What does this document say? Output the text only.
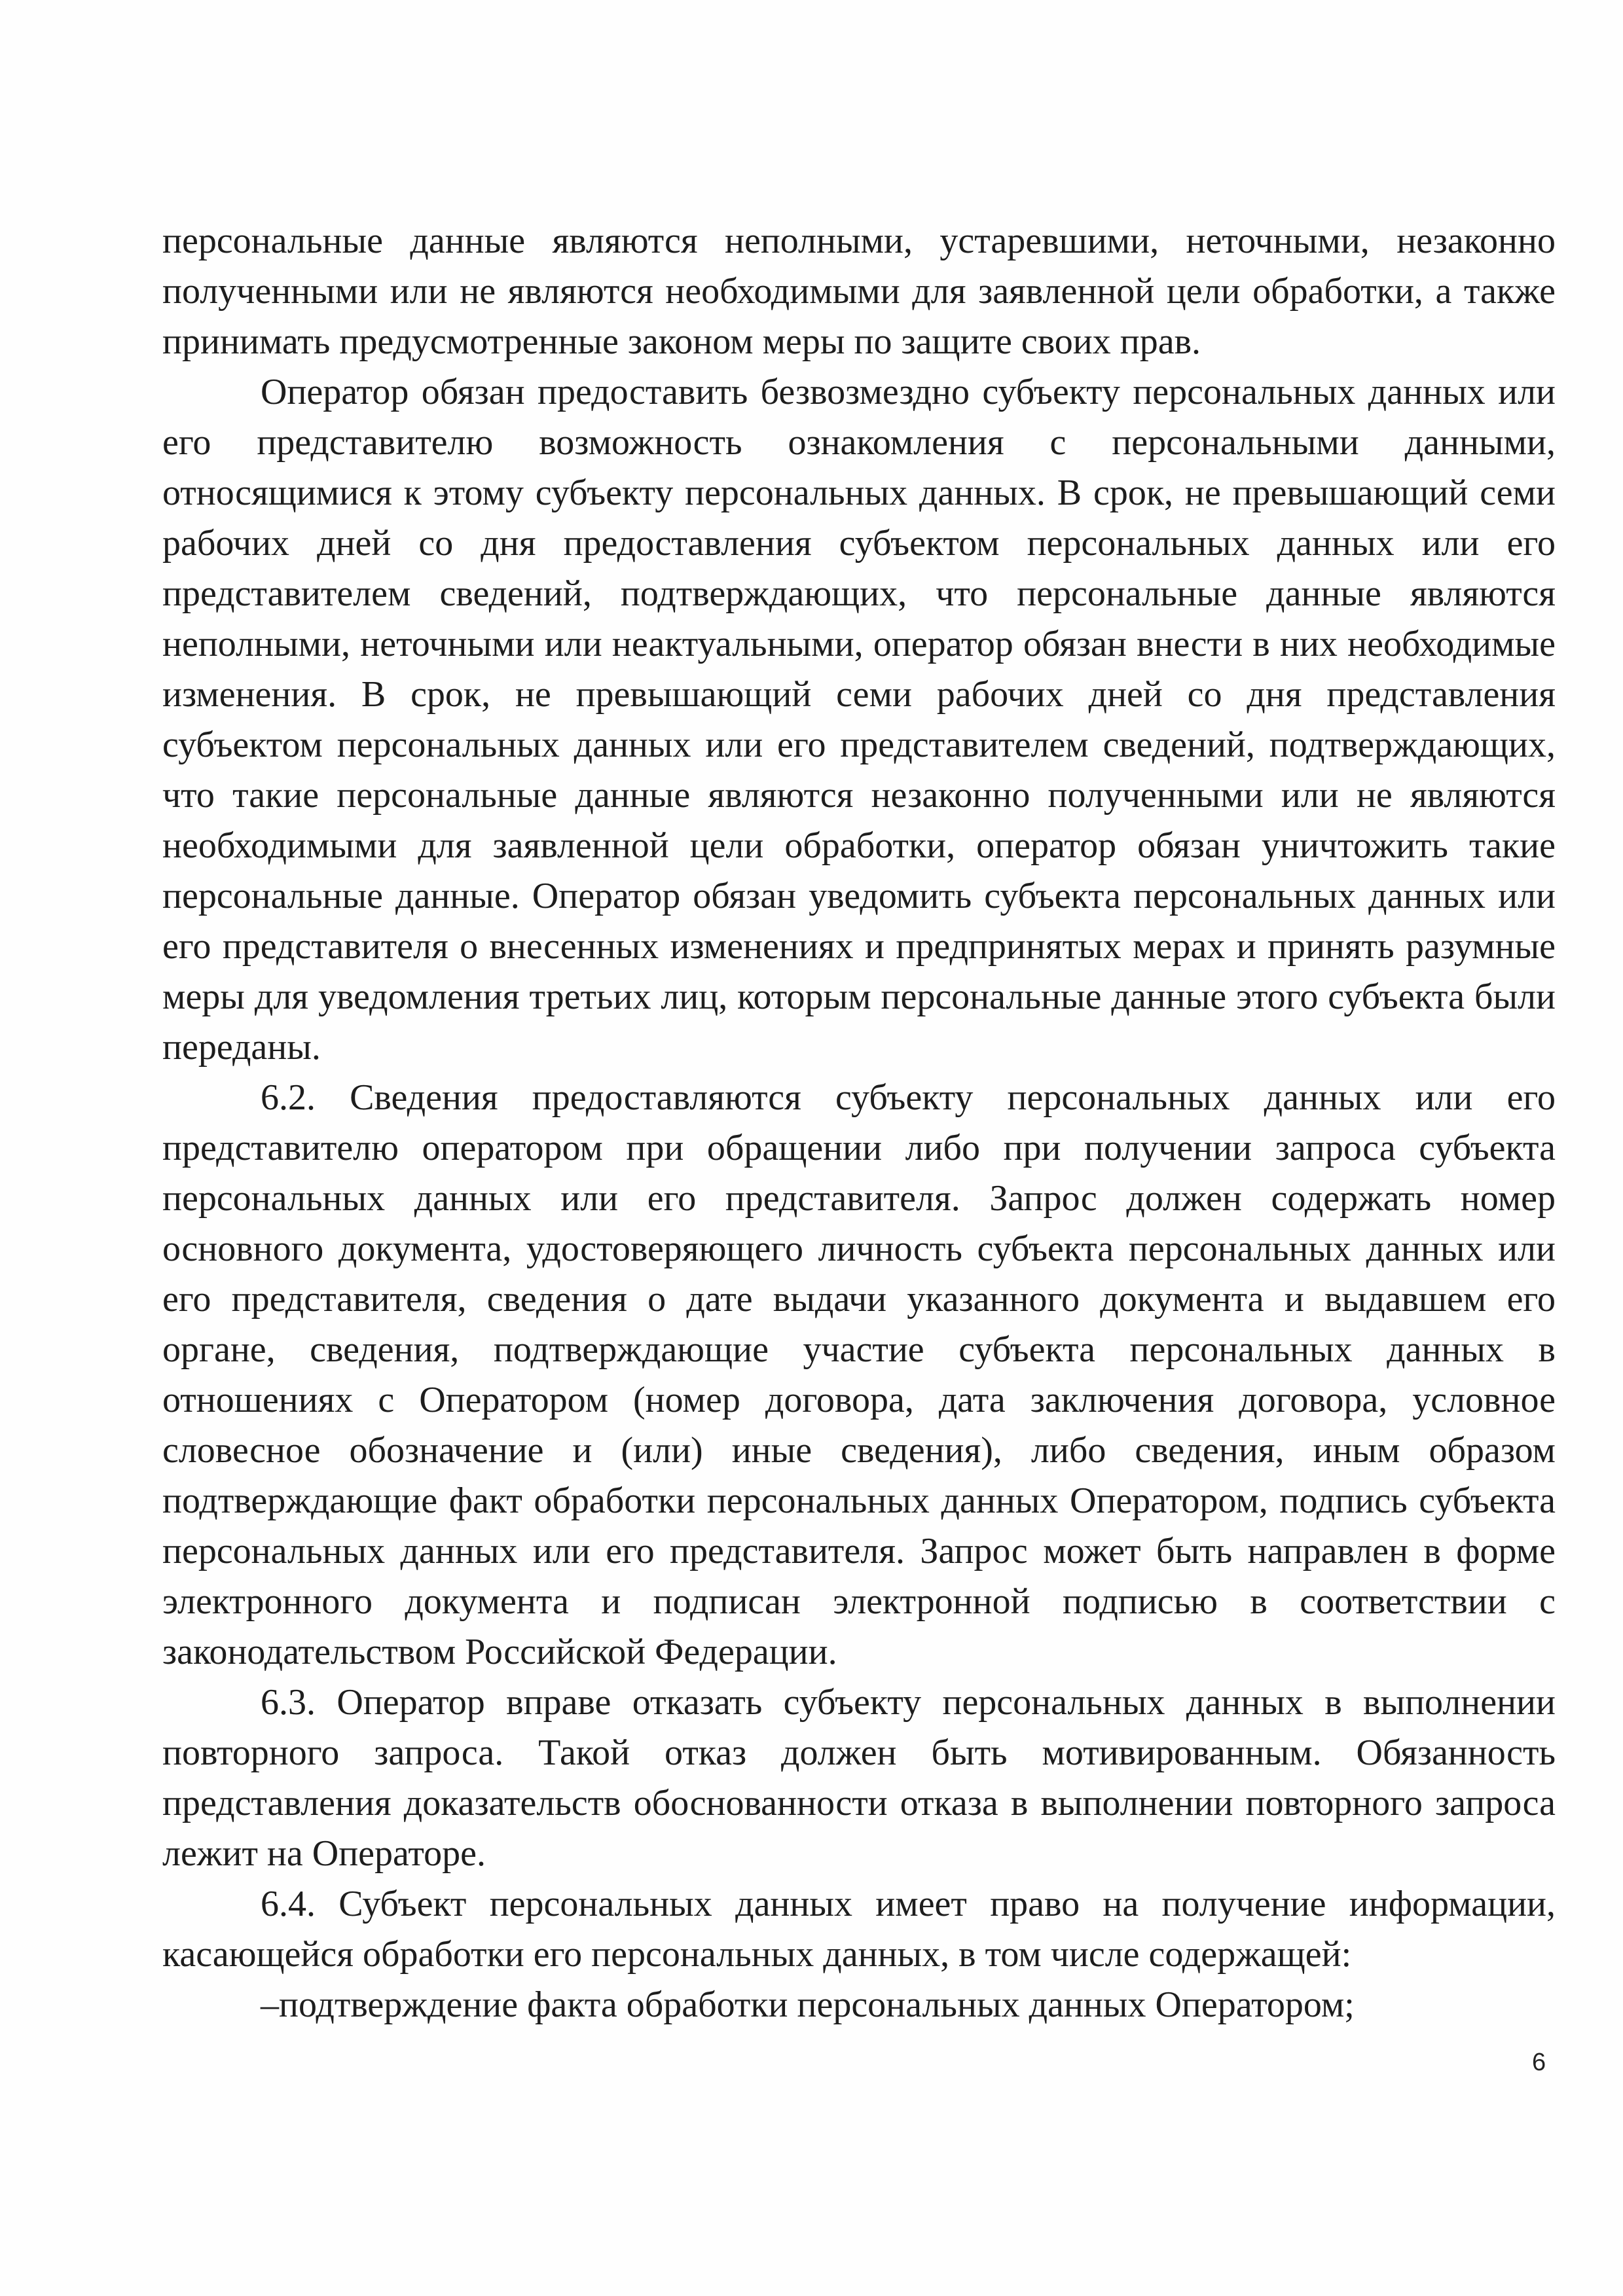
персональные данные являются неполными, устаревшими, неточными, незаконно полученными или не являются необходимыми для заявленной цели обработки, а также принимать предусмотренные законом меры по защите своих прав.

Оператор обязан предоставить безвозмездно субъекту персональных данных или его представителю возможность ознакомления с персональными данными, относящимися к этому субъекту персональных данных. В срок, не превышающий семи рабочих дней со дня предоставления субъектом персональных данных или его представителем сведений, подтверждающих, что персональные данные являются неполными, неточными или неактуальными, оператор обязан внести в них необходимые изменения. В срок, не превышающий семи рабочих дней со дня представления субъектом персональных данных или его представителем сведений, подтверждающих, что такие персональные данные являются незаконно полученными или не являются необходимыми для заявленной цели обработки, оператор обязан уничтожить такие персональные данные. Оператор обязан уведомить субъекта персональных данных или его представителя о внесенных изменениях и предпринятых мерах и принять разумные меры для уведомления третьих лиц, которым персональные данные этого субъекта были переданы.

6.2. Сведения предоставляются субъекту персональных данных или его представителю оператором при обращении либо при получении запроса субъекта персональных данных или его представителя. Запрос должен содержать номер основного документа, удостоверяющего личность субъекта персональных данных или его представителя, сведения о дате выдачи указанного документа и выдавшем его органе, сведения, подтверждающие участие субъекта персональных данных в отношениях с Оператором (номер договора, дата заключения договора, условное словесное обозначение и (или) иные сведения), либо сведения, иным образом подтверждающие факт обработки персональных данных Оператором, подпись субъекта персональных данных или его представителя. Запрос может быть направлен в форме электронного документа и подписан электронной подписью в соответствии с законодательством Российской Федерации.

6.3. Оператор вправе отказать субъекту персональных данных в выполнении повторного запроса. Такой отказ должен быть мотивированным. Обязанность представления доказательств обоснованности отказа в выполнении повторного запроса лежит на Операторе.

6.4. Субъект персональных данных имеет право на получение информации, касающейся обработки его персональных данных, в том числе содержащей:

–подтверждение факта обработки персональных данных Оператором;

6
